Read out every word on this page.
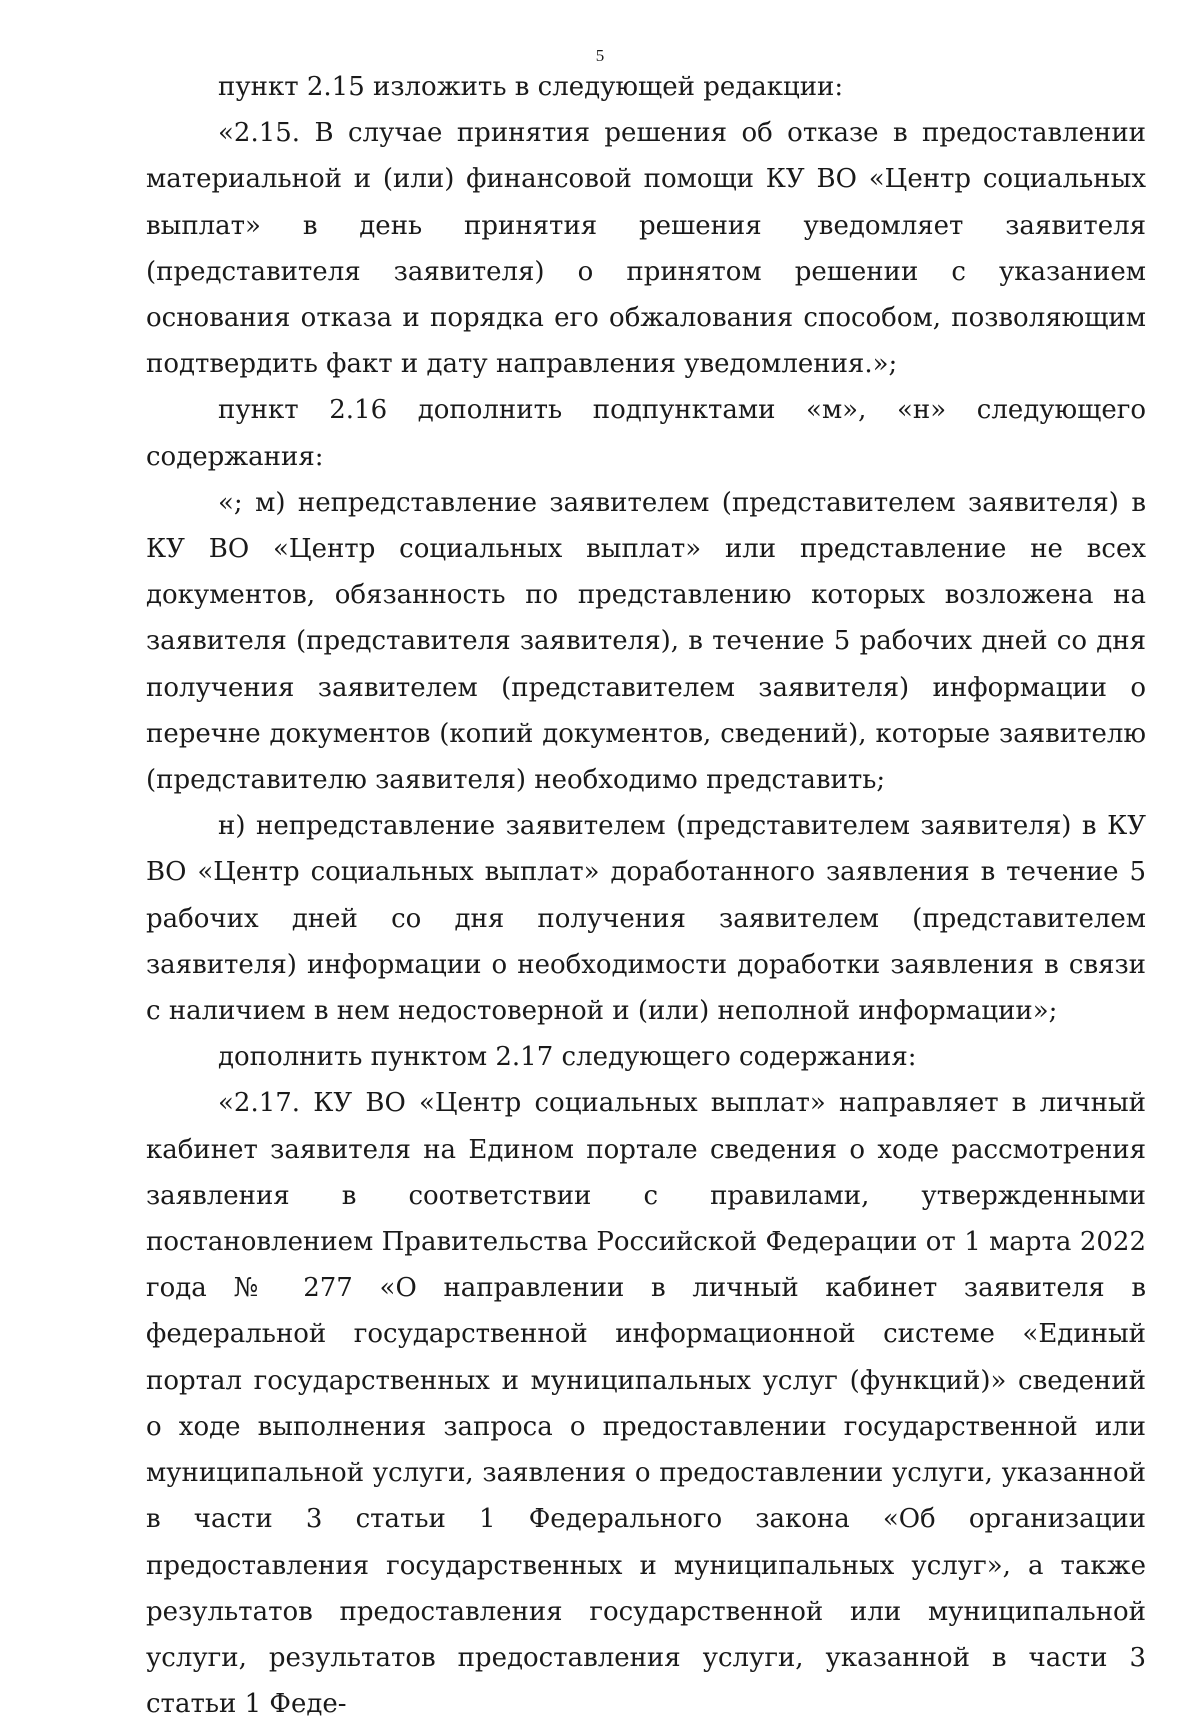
5

пункт 2.15 изложить в следующей редакции:

«2.15. В случае принятия решения об отказе в предоставлении материальной и (или) финансовой помощи КУ ВО «Центр социальных выплат» в день принятия решения уведомляет заявителя (представителя заявителя) о принятом решении с указанием основания отказа и порядка его обжалования способом, позволяющим подтвердить факт и дату направления уведомления.»;

пункт 2.16 дополнить подпунктами «м», «н» следующего содержания:

«; м) непредставление заявителем (представителем заявителя) в КУ ВО «Центр социальных выплат» или представление не всех документов, обязанность по представлению которых возложена на заявителя (представителя заявителя), в течение 5 рабочих дней со дня получения заявителем (представителем заявителя) информации о перечне документов (копий документов, сведений), которые заявителю (представителю заявителя) необходимо представить;

н) непредставление заявителем (представителем заявителя) в КУ ВО «Центр социальных выплат» доработанного заявления в течение 5 рабочих дней со дня получения заявителем (представителем заявителя) информации о необходимости доработки заявления в связи с наличием в нем недостоверной и (или) неполной информации»;

дополнить пунктом 2.17 следующего содержания:

«2.17. КУ ВО «Центр социальных выплат» направляет в личный кабинет заявителя на Едином портале сведения о ходе рассмотрения заявления в соответствии с правилами, утвержденными постановлением Правительства Российской Федерации от 1 марта 2022 года № 277 «О направлении в личный кабинет заявителя в федеральной государственной информационной системе «Единый портал государственных и муниципальных услуг (функций)» сведений о ходе выполнения запроса о предоставлении государственной или муниципальной услуги, заявления о предоставлении услуги, указанной в части 3 статьи 1 Федерального закона «Об организации предоставления государственных и муниципальных услуг», а также результатов предоставления государственной или муниципальной услуги, результатов предоставления услуги, указанной в части 3 статьи 1 Феде-
